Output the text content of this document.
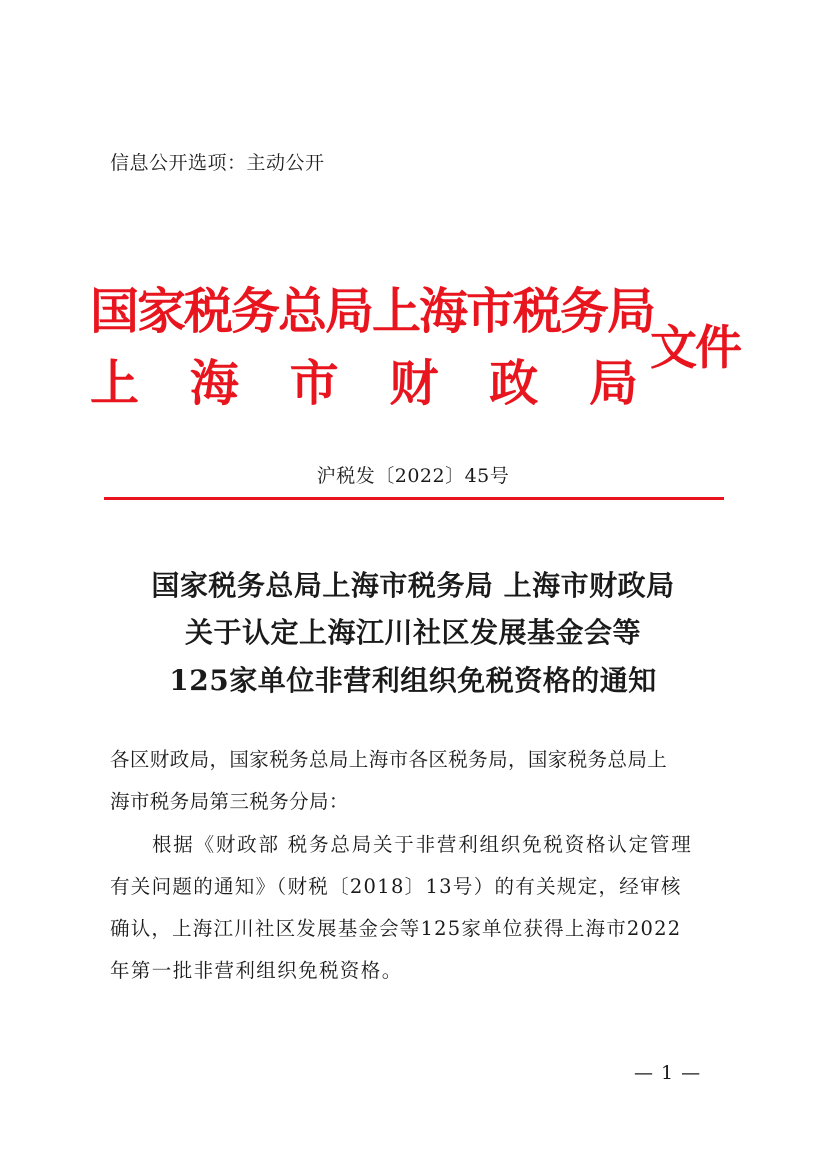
信息公开选项：主动公开
国家税务总局上海市税务局
上 海 市 财 政 局
文件
沪税发〔2022〕45号
国家税务总局上海市税务局 上海市财政局
关于认定上海江川社区发展基金会等
125家单位非营利组织免税资格的通知
各区财政局，国家税务总局上海市各区税务局，国家税务总局上
海市税务局第三税务分局：
根据《财政部 税务总局关于非营利组织免税资格认定管理
有关问题的通知》（财税〔2018〕13号）的有关规定，经审核
确认，上海江川社区发展基金会等125家单位获得上海市2022
年第一批非营利组织免税资格。
— 1 —
